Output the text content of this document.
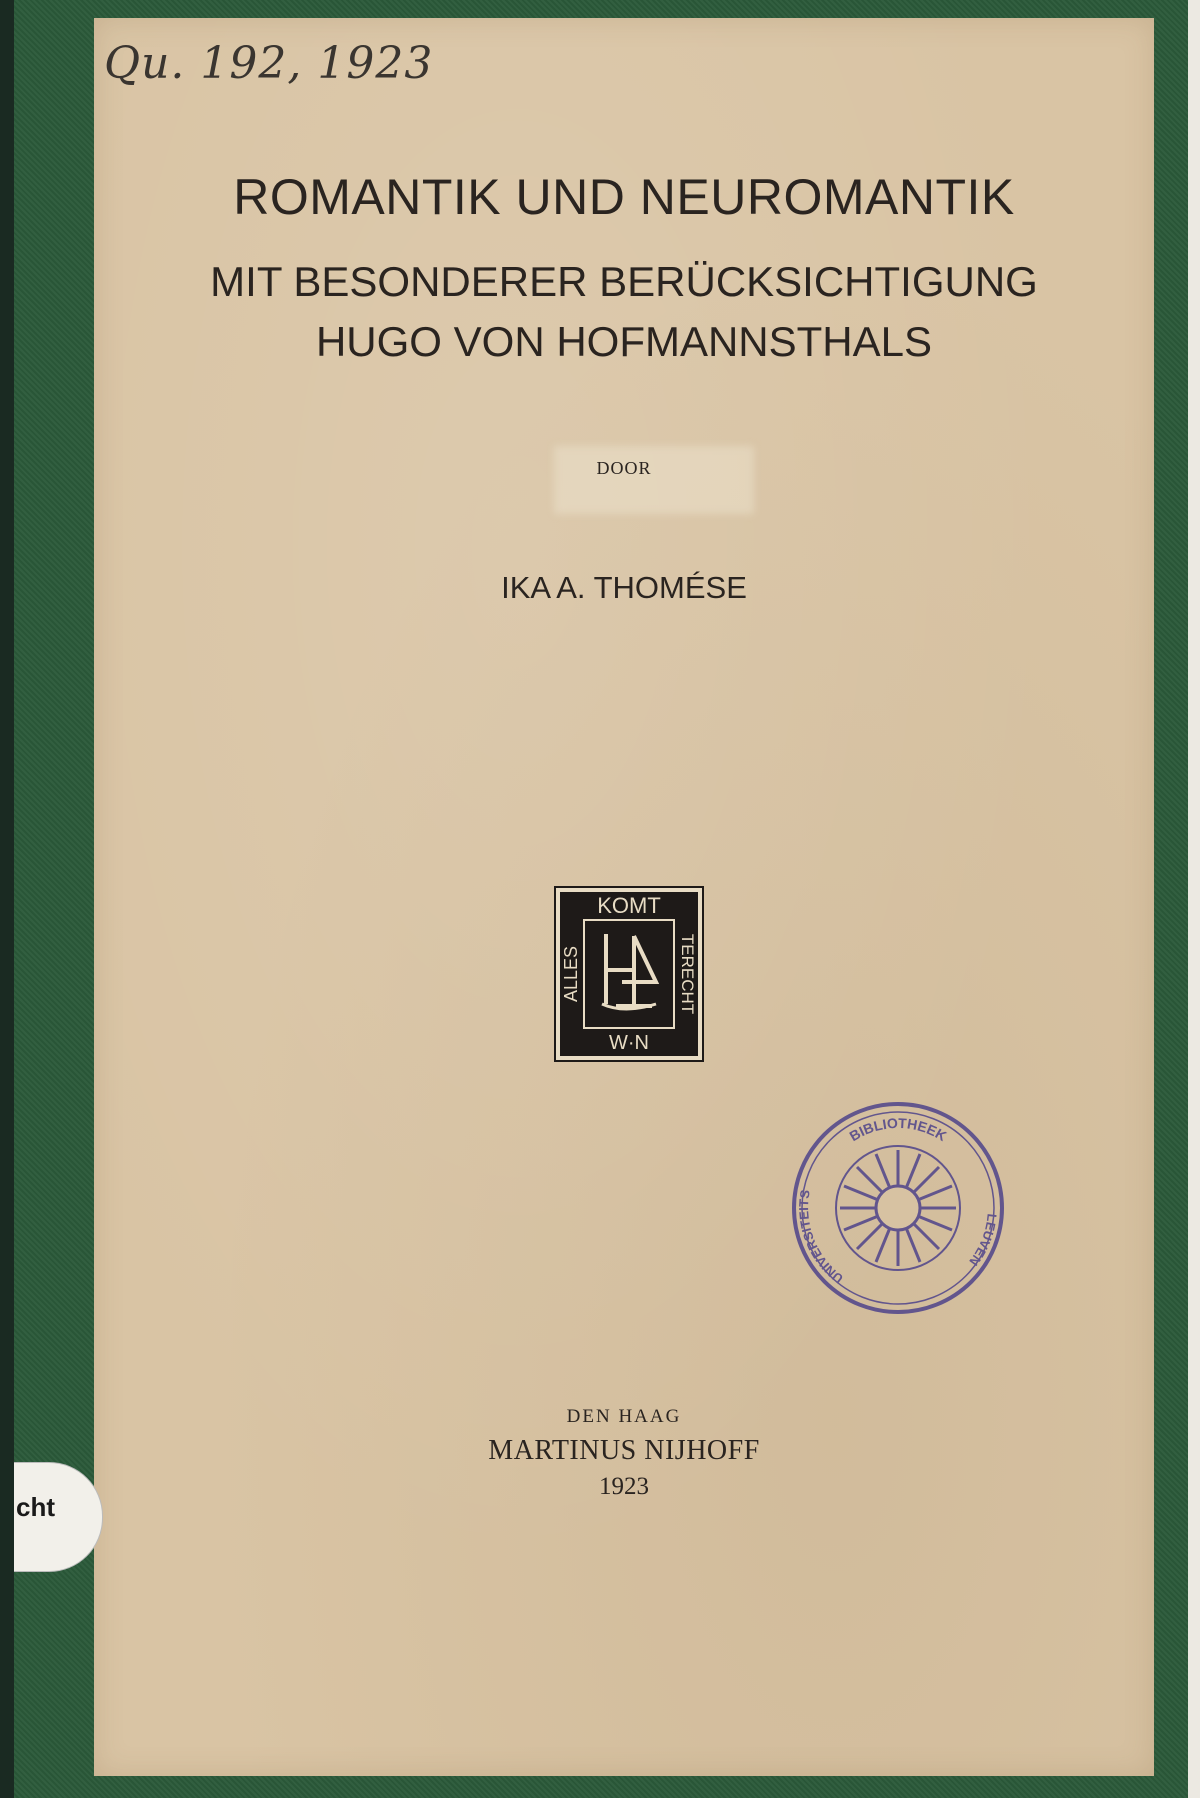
Qu. 192, 1923
ROMANTIK UND NEUROMANTIK
MIT BESONDERER BERÜCKSICHTIGUNG
HUGO VON HOFMANNSTHALS
DOOR
IKA A. THOMÉSE
KOMT
W·N
ALLES	TERECHT
BIBLIOTHEEK
UNIVERSITEITS
LEUVEN
DEN HAAG
MARTINUS NIJHOFF
1923
cht
